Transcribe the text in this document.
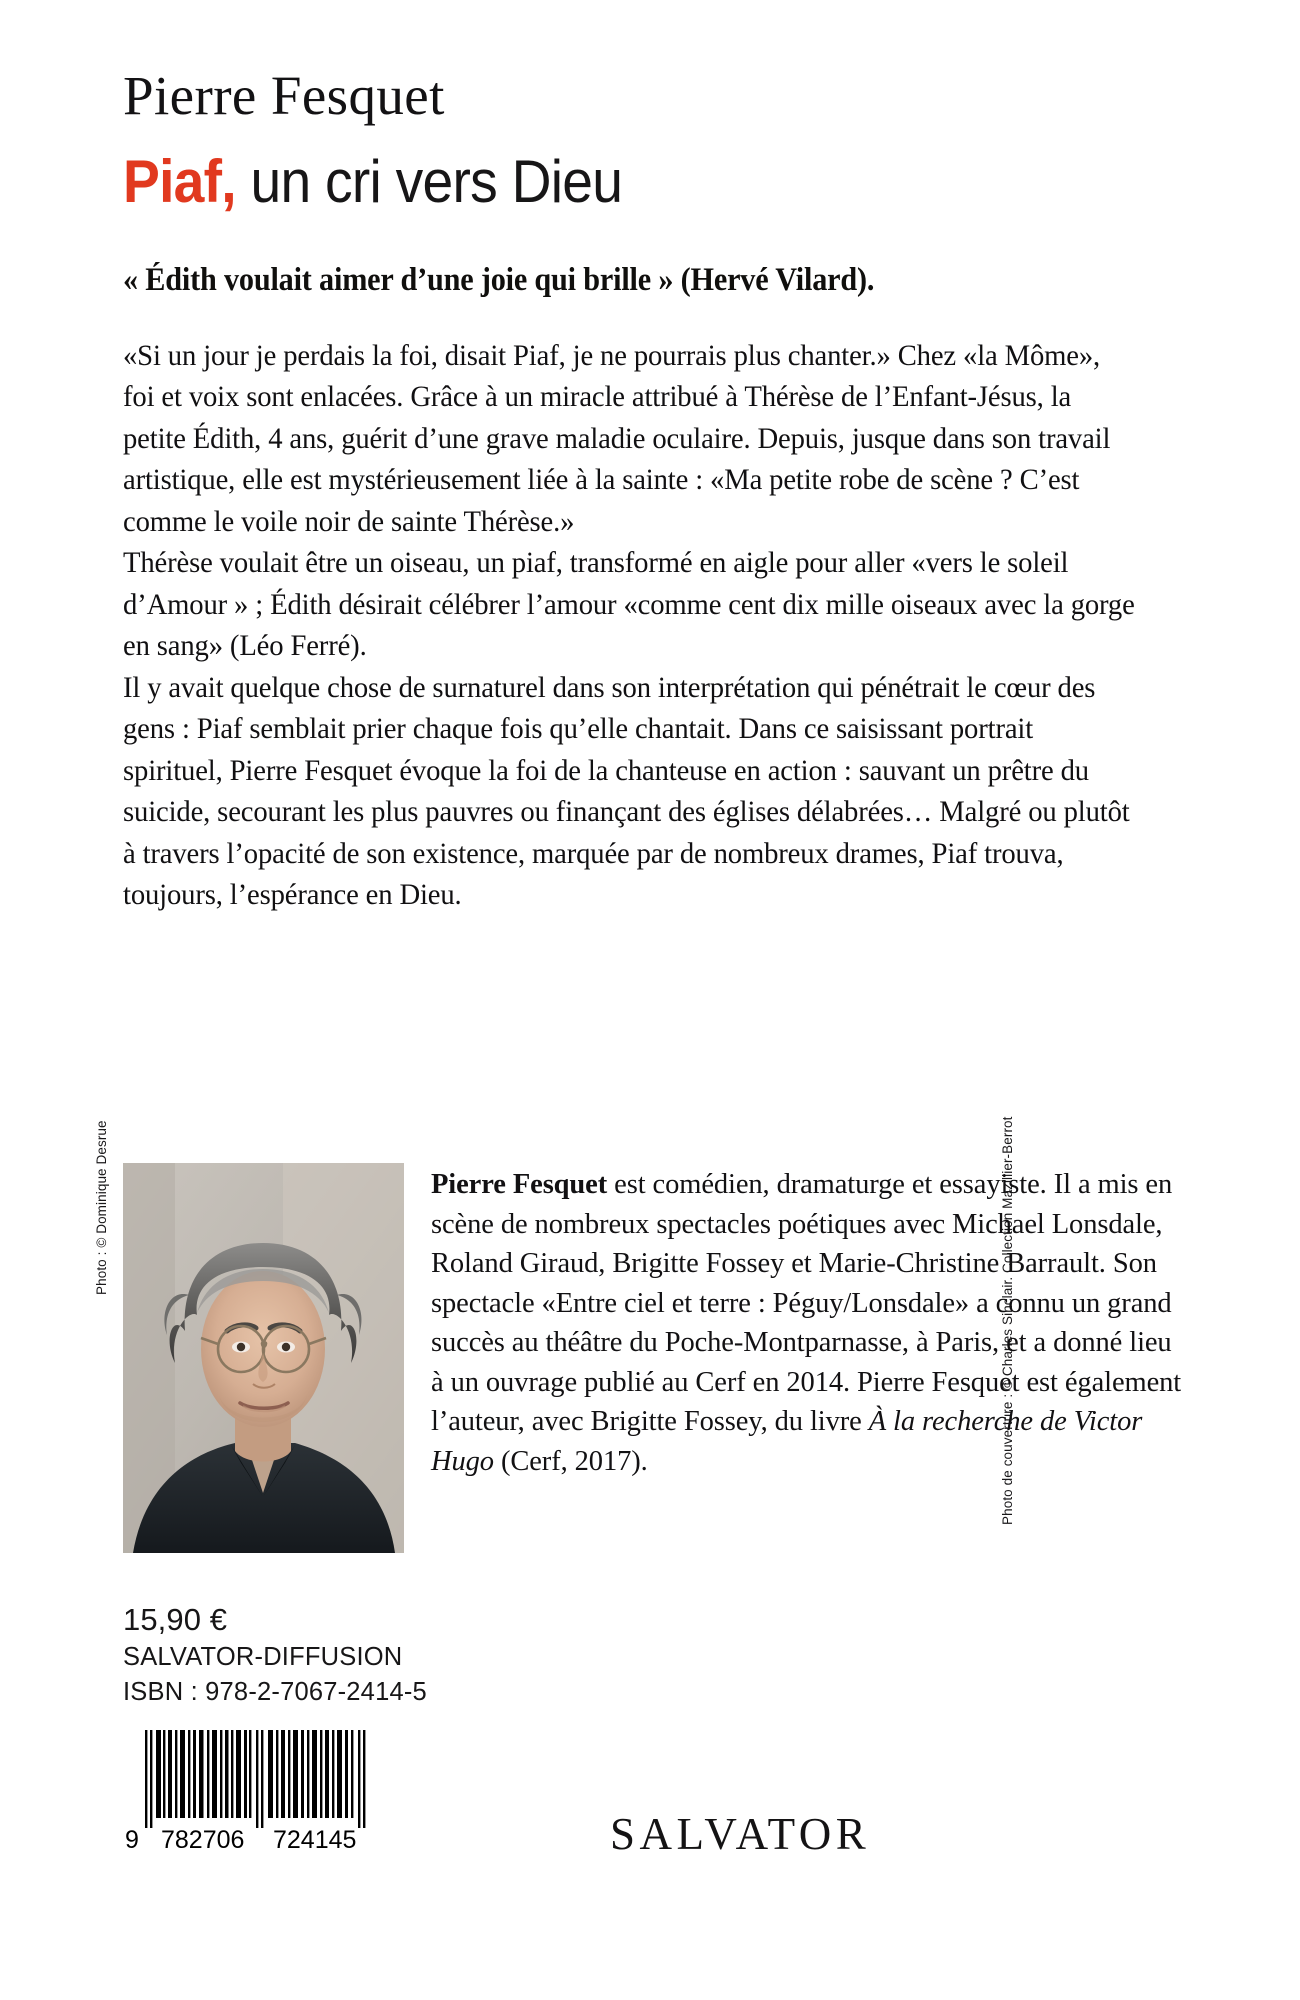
Photo : © Dominique Desrue	Photo de couverture : © Charles Sinclair. Collection Mazillier-Berrot
Pierre Fesquet
Piaf, un cri vers Dieu
« Édith voulait aimer d’une joie qui brille » (Hervé Vilard).

«Si un jour je perdais la foi, disait Piaf, je ne pourrais plus chanter.» Chez «la Môme», foi et voix sont enlacées. Grâce à un miracle attribué à Thérèse de l’Enfant-Jésus, la petite Édith, 4 ans, guérit d’une grave maladie oculaire. Depuis, jusque dans son travail artistique, elle est mystérieusement liée à la sainte : «Ma petite robe de scène ? C’est comme le voile noir de sainte Thérèse.»

Thérèse voulait être un oiseau, un piaf, transformé en aigle pour aller «vers le soleil d’Amour » ; Édith désirait célébrer l’amour «comme cent dix mille oiseaux avec la gorge en sang» (Léo Ferré).

Il y avait quelque chose de surnaturel dans son interprétation qui pénétrait le cœur des gens : Piaf semblait prier chaque fois qu’elle chantait. Dans ce saisissant portrait spirituel, Pierre Fesquet évoque la foi de la chanteuse en action : sauvant un prêtre du suicide, secourant les plus pauvres ou finançant des églises délabrées… Malgré ou plutôt à travers l’opacité de son existence, marquée par de nombreux drames, Piaf trouva, toujours, l’espérance en Dieu.

Pierre Fesquet est comédien, dramaturge et essayiste. Il a mis en scène de nombreux spectacles poétiques avec Michael Lonsdale, Roland Giraud, Brigitte Fossey et Marie-Christine Barrault. Son spectacle «Entre ciel et terre : Péguy/Lonsdale» a connu un grand succès au théâtre du Poche-Montparnasse, à Paris, et a donné lieu à un ouvrage publié au Cerf en 2014. Pierre Fesquet est également l’auteur, avec Brigitte Fossey, du livre À la recherche de Victor Hugo (Cerf, 2017).
15,90 €
SALVATOR-DIFFUSION
ISBN : 978-2-7067-2414-5
9 782706 724145	SALVATOR
